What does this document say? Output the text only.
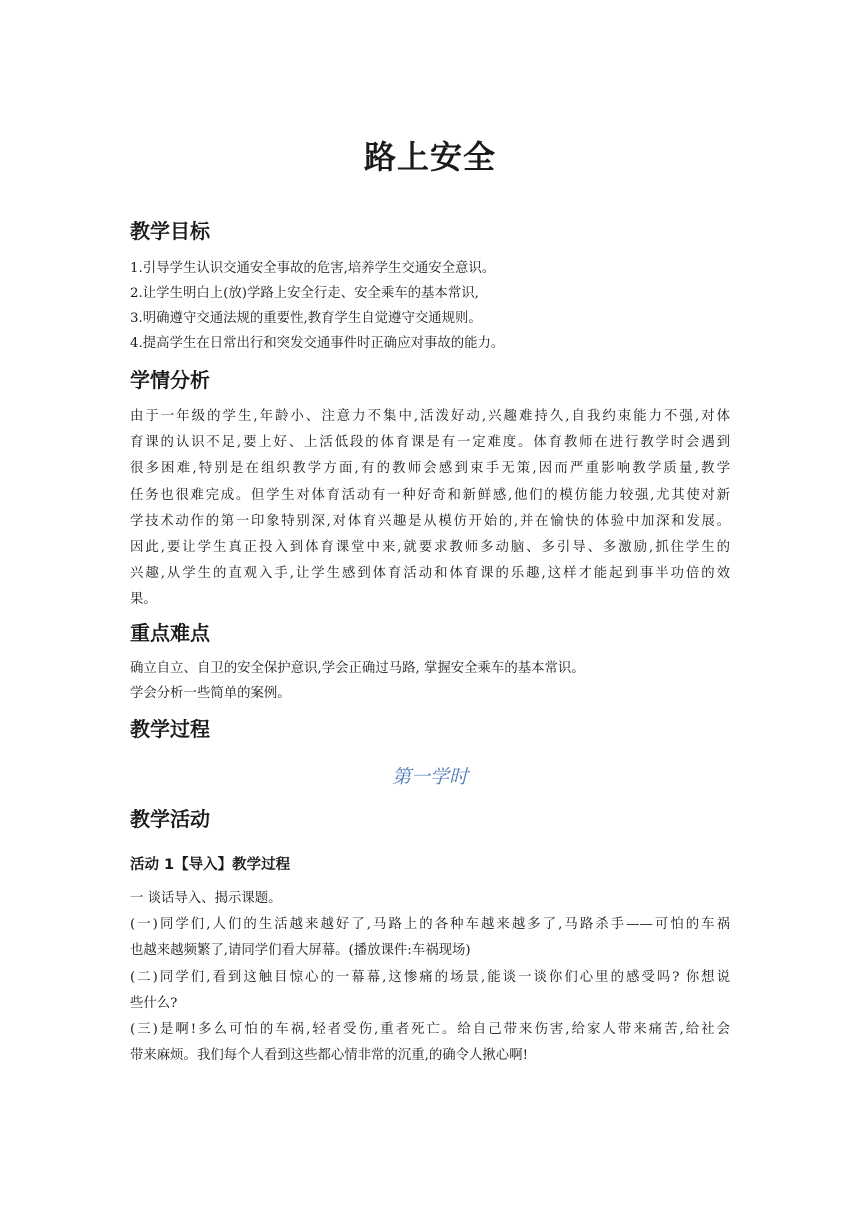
路上安全
教学目标
1.引导学生认识交通安全事故的危害,培养学生交通安全意识。
2.让学生明白上(放)学路上安全行走、安全乘车的基本常识,
3.明确遵守交通法规的重要性,教育学生自觉遵守交通规则。
4.提高学生在日常出行和突发交通事件时正确应对事故的能力。
学情分析
由于一年级的学生,年龄小、注意力不集中,活泼好动,兴趣难持久,自我约束能力不强,对体
育课的认识不足,要上好、上活低段的体育课是有一定难度。体育教师在进行教学时会遇到
很多困难,特别是在组织教学方面,有的教师会感到束手无策,因而严重影响教学质量,教学
任务也很难完成。但学生对体育活动有一种好奇和新鲜感,他们的模仿能力较强,尤其使对新
学技术动作的第一印象特别深,对体育兴趣是从模仿开始的,并在愉快的体验中加深和发展。
因此,要让学生真正投入到体育课堂中来,就要求教师多动脑、多引导、多激励,抓住学生的
兴趣,从学生的直观入手,让学生感到体育活动和体育课的乐趣,这样才能起到事半功倍的效
果。
重点难点
确立自立、自卫的安全保护意识,学会正确过马路, 掌握安全乘车的基本常识。
学会分析一些简单的案例。
教学过程

第一学时

教学活动
活动 1【导入】教学过程
一 谈话导入、揭示课题。
(一)同学们,人们的生活越来越好了,马路上的各种车越来越多了,马路杀手——可怕的车祸
也越来越频繁了,请同学们看大屏幕。(播放课件:车祸现场)
(二)同学们,看到这触目惊心的一幕幕,这惨痛的场景,能谈一谈你们心里的感受吗? 你想说
些什么?
(三)是啊!多么可怕的车祸,轻者受伤,重者死亡。给自己带来伤害,给家人带来痛苦,给社会
带来麻烦。我们每个人看到这些都心情非常的沉重,的确令人揪心啊!
